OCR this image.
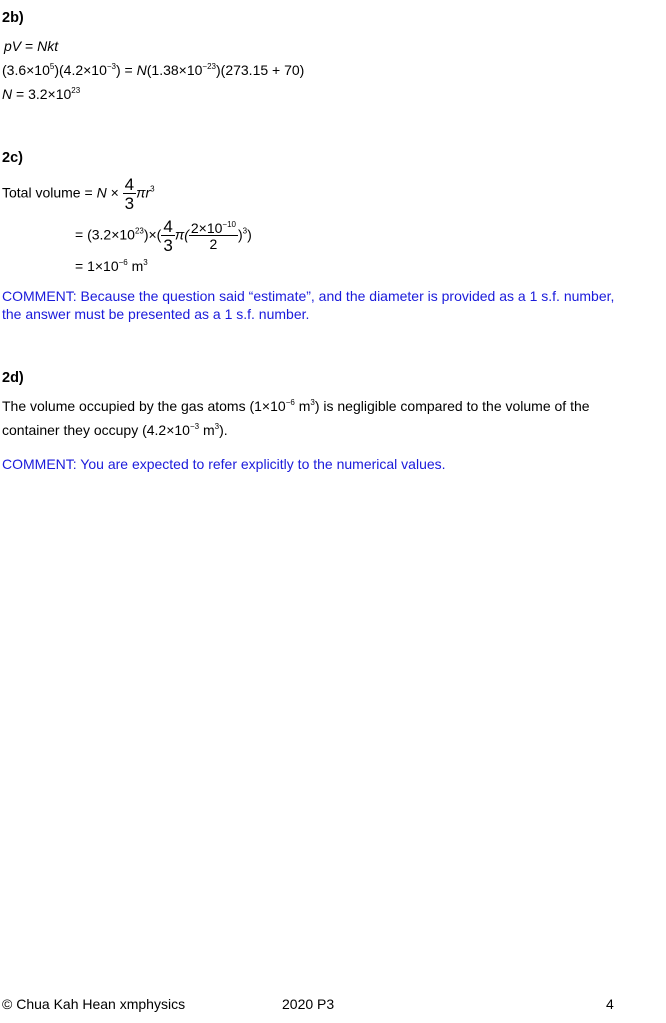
2b)
pV = Nkt
$(3.6\times 10^5)(4.2\times 10^{-3}) = N(1.38\times 10^{-23})(273.15 + 70)$
$N = 3.2\times 10^{23}$
2c)
Total volume = $N \times \frac{4}{3} \pi r^3$
= $(3.2\times 10^{23})\times( \frac{4}{3} \pi( \frac{2\times 10^{-10}}{2} )^3)$
= $1\times 10^{-6}$ $m^3$
COMMENT: Because the question said “estimate”, and the diameter is provided as a 1 s.f. number,
the answer must be presented as a 1 s.f. number.
2d)
The volume occupied by the gas atoms ($1\times 10^{-6}$ $m^3$) is negligible compared to the volume of the
container they occupy ($4.2\times 10^{-3}$ $m^3$).
COMMENT: You are expected to refer explicitly to the numerical values.
© Chua Kah Hean xmphysics	2020 P3	4
